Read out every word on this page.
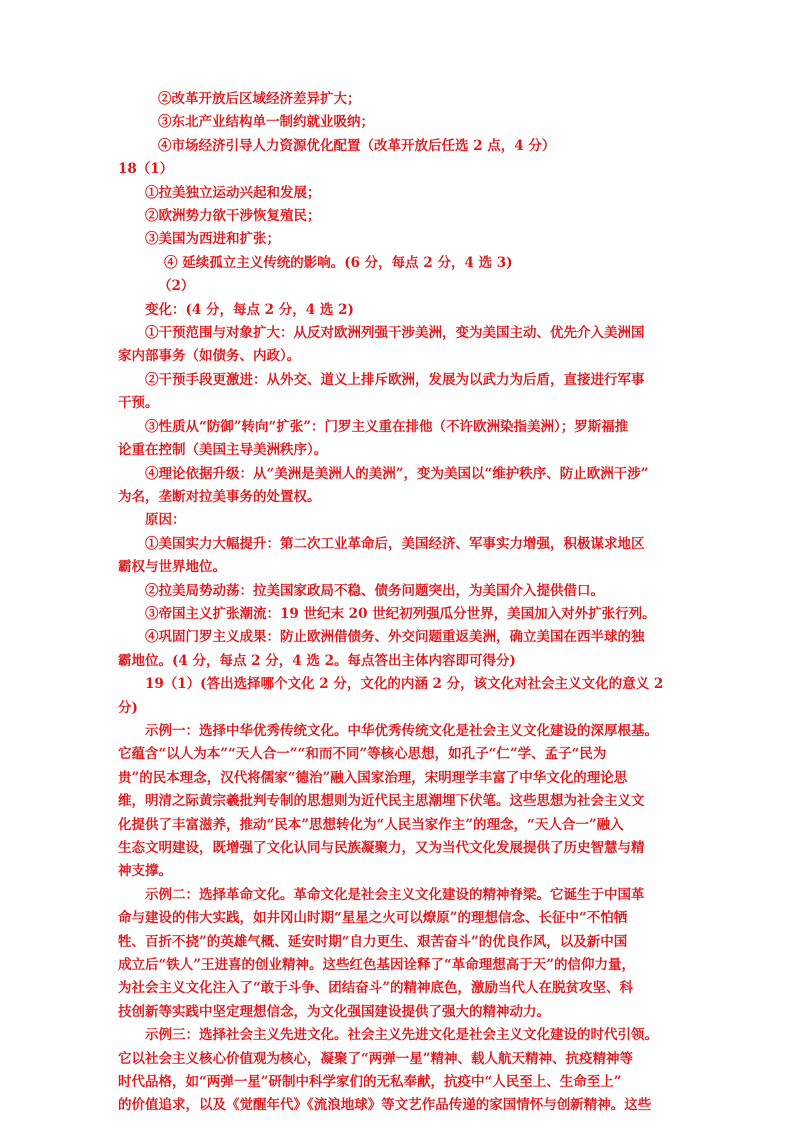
②改革开放后区域经济差异扩大；
③东北产业结构单一制约就业吸纳；
④市场经济引导人力资源优化配置（改革开放后任选 2 点，4 分）
18（1）
①拉美独立运动兴起和发展；
②欧洲势力欲干涉恢复殖民；
③美国为西进和扩张；
④ 延续孤立主义传统的影响。(6 分，每点 2 分，4 选 3)
（2）
变化：(4 分，每点 2 分，4 选 2)
①干预范围与对象扩大：从反对欧洲列强干涉美洲，变为美国主动、优先介入美洲国
家内部事务（如债务、内政）。
②干预手段更激进：从外交、道义上排斥欧洲，发展为以武力为后盾，直接进行军事
干预。
③性质从“防御”转向“扩张”：门罗主义重在排他（不许欧洲染指美洲）；罗斯福推
论重在控制（美国主导美洲秩序）。
④理论依据升级：从“美洲是美洲人的美洲”，变为美国以“维护秩序、防止欧洲干涉”
为名，垄断对拉美事务的处置权。
原因：
①美国实力大幅提升：第二次工业革命后，美国经济、军事实力增强，积极谋求地区
霸权与世界地位。
②拉美局势动荡：拉美国家政局不稳、债务问题突出，为美国介入提供借口。
③帝国主义扩张潮流：19 世纪末 20 世纪初列强瓜分世界，美国加入对外扩张行列。
④巩固门罗主义成果：防止欧洲借债务、外交问题重返美洲，确立美国在西半球的独
霸地位。(4 分，每点 2 分，4 选 2。每点答出主体内容即可得分)
19（1）(答出选择哪个文化 2 分，文化的内涵 2 分，该文化对社会主义文化的意义 2
分)
示例一：选择中华优秀传统文化。中华优秀传统文化是社会主义文化建设的深厚根基。
它蕴含“以人为本”“天人合一”“和而不同”等核心思想，如孔子“仁”学、孟子“民为
贵”的民本理念，汉代将儒家“德治”融入国家治理，宋明理学丰富了中华文化的理论思
维，明清之际黄宗羲批判专制的思想则为近代民主思潮埋下伏笔。这些思想为社会主义文
化提供了丰富滋养，推动“民本”思想转化为“人民当家作主”的理念，“天人合一”融入
生态文明建设，既增强了文化认同与民族凝聚力，又为当代文化发展提供了历史智慧与精
神支撑。
示例二：选择革命文化。革命文化是社会主义文化建设的精神脊梁。它诞生于中国革
命与建设的伟大实践，如井冈山时期“星星之火可以燎原”的理想信念、长征中“不怕牺
牲、百折不挠”的英雄气概、延安时期“自力更生、艰苦奋斗”的优良作风，以及新中国
成立后“铁人”王进喜的创业精神。这些红色基因诠释了“革命理想高于天”的信仰力量，
为社会主义文化注入了“敢于斗争、团结奋斗”的精神底色，激励当代人在脱贫攻坚、科
技创新等实践中坚定理想信念，为文化强国建设提供了强大的精神动力。
示例三：选择社会主义先进文化。社会主义先进文化是社会主义文化建设的时代引领。
它以社会主义核心价值观为核心，凝聚了“两弹一星”精神、载人航天精神、抗疫精神等
时代品格，如“两弹一星”研制中科学家们的无私奉献，抗疫中“人民至上、生命至上”
的价值追求，以及《觉醒年代》《流浪地球》等文艺作品传递的家国情怀与创新精神。这些
